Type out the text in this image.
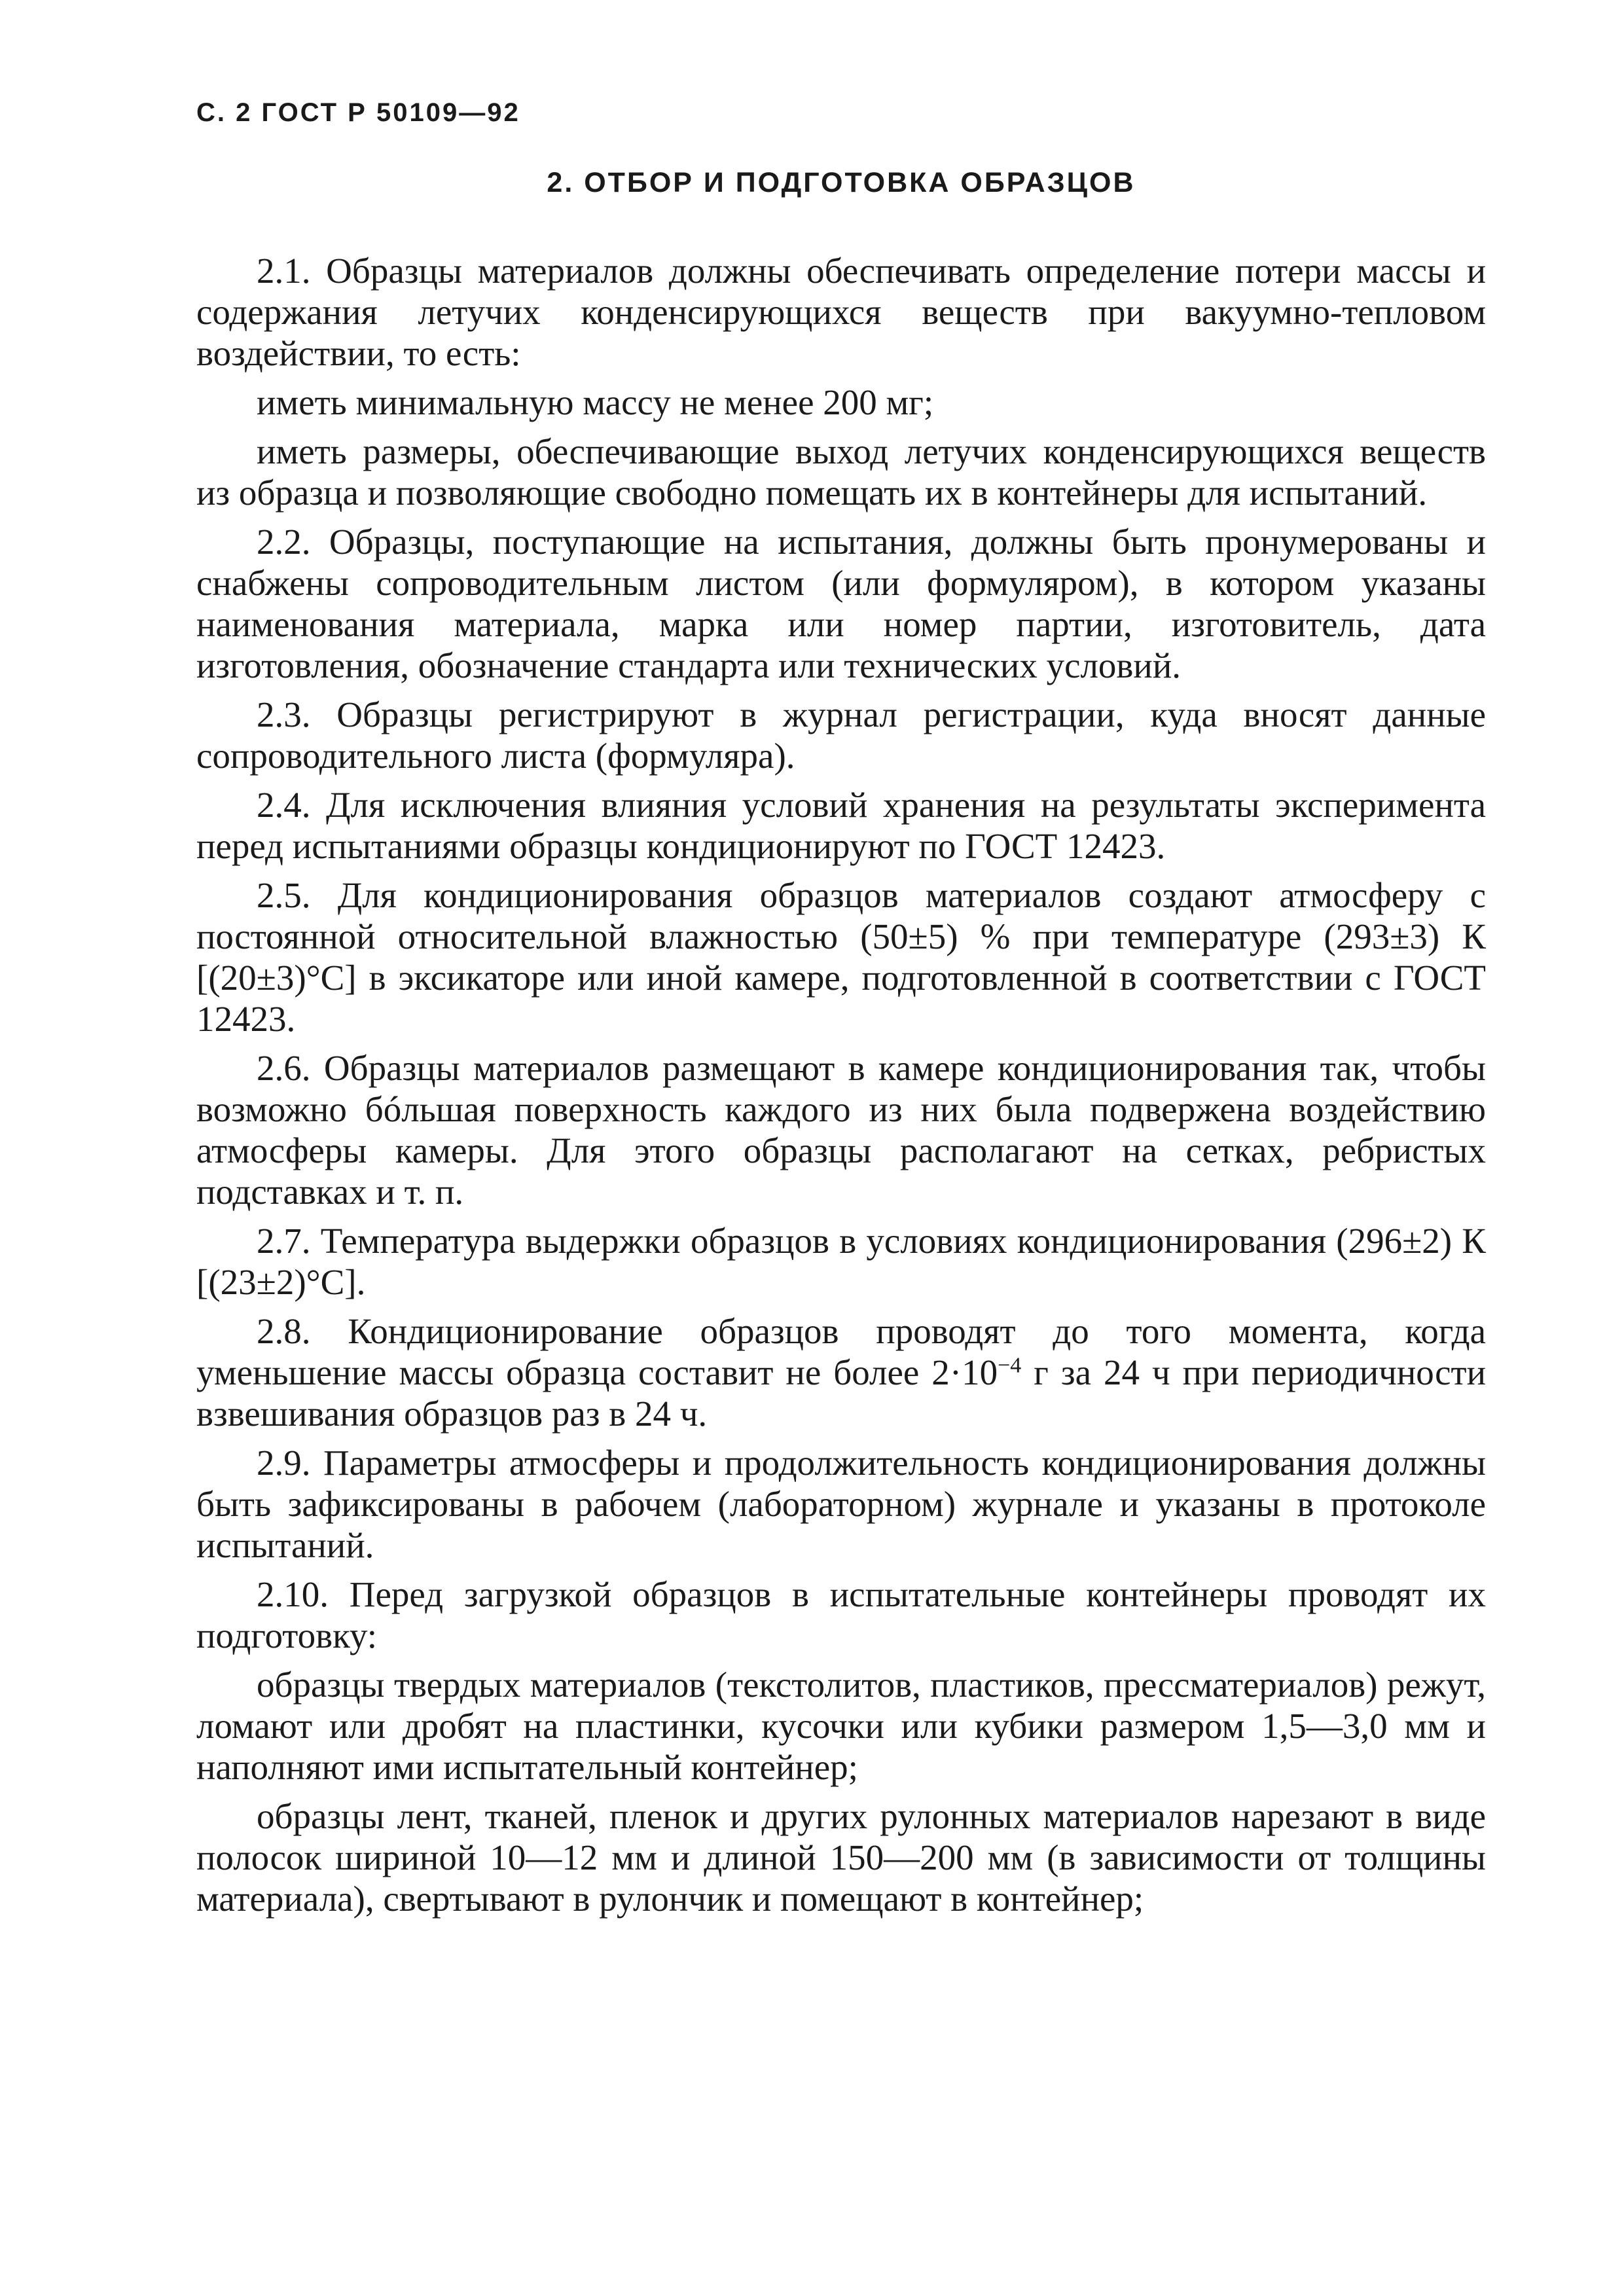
С. 2 ГОСТ Р 50109—92
2. ОТБОР И ПОДГОТОВКА ОБРАЗЦОВ

2.1. Образцы материалов должны обеспечивать определение потери массы и содержания летучих конденсирующихся веществ при вакуумно-тепловом воздействии, то есть:

иметь минимальную массу не менее 200 мг;

иметь размеры, обеспечивающие выход летучих конденсирующихся веществ из образца и позволяющие свободно помещать их в контейнеры для испытаний.

2.2. Образцы, поступающие на испытания, должны быть пронумерованы и снабжены сопроводительным листом (или формуляром), в котором указаны наименования материала, марка или номер партии, изготовитель, дата изготовления, обозначение стандарта или технических условий.

2.3. Образцы регистрируют в журнал регистрации, куда вносят данные сопроводительного листа (формуляра).

2.4. Для исключения влияния условий хранения на результаты эксперимента перед испытаниями образцы кондиционируют по ГОСТ 12423.

2.5. Для кондиционирования образцов материалов создают атмосферу с постоянной относительной влажностью (50±5) % при температуре (293±3) К [(20±3)°С] в эксикаторе или иной камере, подготовленной в соответствии с ГОСТ 12423.

2.6. Образцы материалов размещают в камере кондиционирования так, чтобы возможно бóльшая поверхность каждого из них была подвержена воздействию атмосферы камеры. Для этого образцы располагают на сетках, ребристых подставках и т. п.

2.7. Температура выдержки образцов в условиях кондиционирования (296±2) К [(23±2)°С].

2.8. Кондиционирование образцов проводят до того момента, когда уменьшение массы образца составит не более $2\cdot 10^{-4}$ г за 24 ч при периодичности взвешивания образцов раз в 24 ч.

2.9. Параметры атмосферы и продолжительность кондиционирования должны быть зафиксированы в рабочем (лабораторном) журнале и указаны в протоколе испытаний.

2.10. Перед загрузкой образцов в испытательные контейнеры проводят их подготовку:

образцы твердых материалов (текстолитов, пластиков, прессматериалов) режут, ломают или дробят на пластинки, кусочки или кубики размером 1,5—3,0 мм и наполняют ими испытательный контейнер;

образцы лент, тканей, пленок и других рулонных материалов нарезают в виде полосок шириной 10—12 мм и длиной 150—200 мм (в зависимости от толщины материала), свертывают в рулончик и помещают в контейнер;
